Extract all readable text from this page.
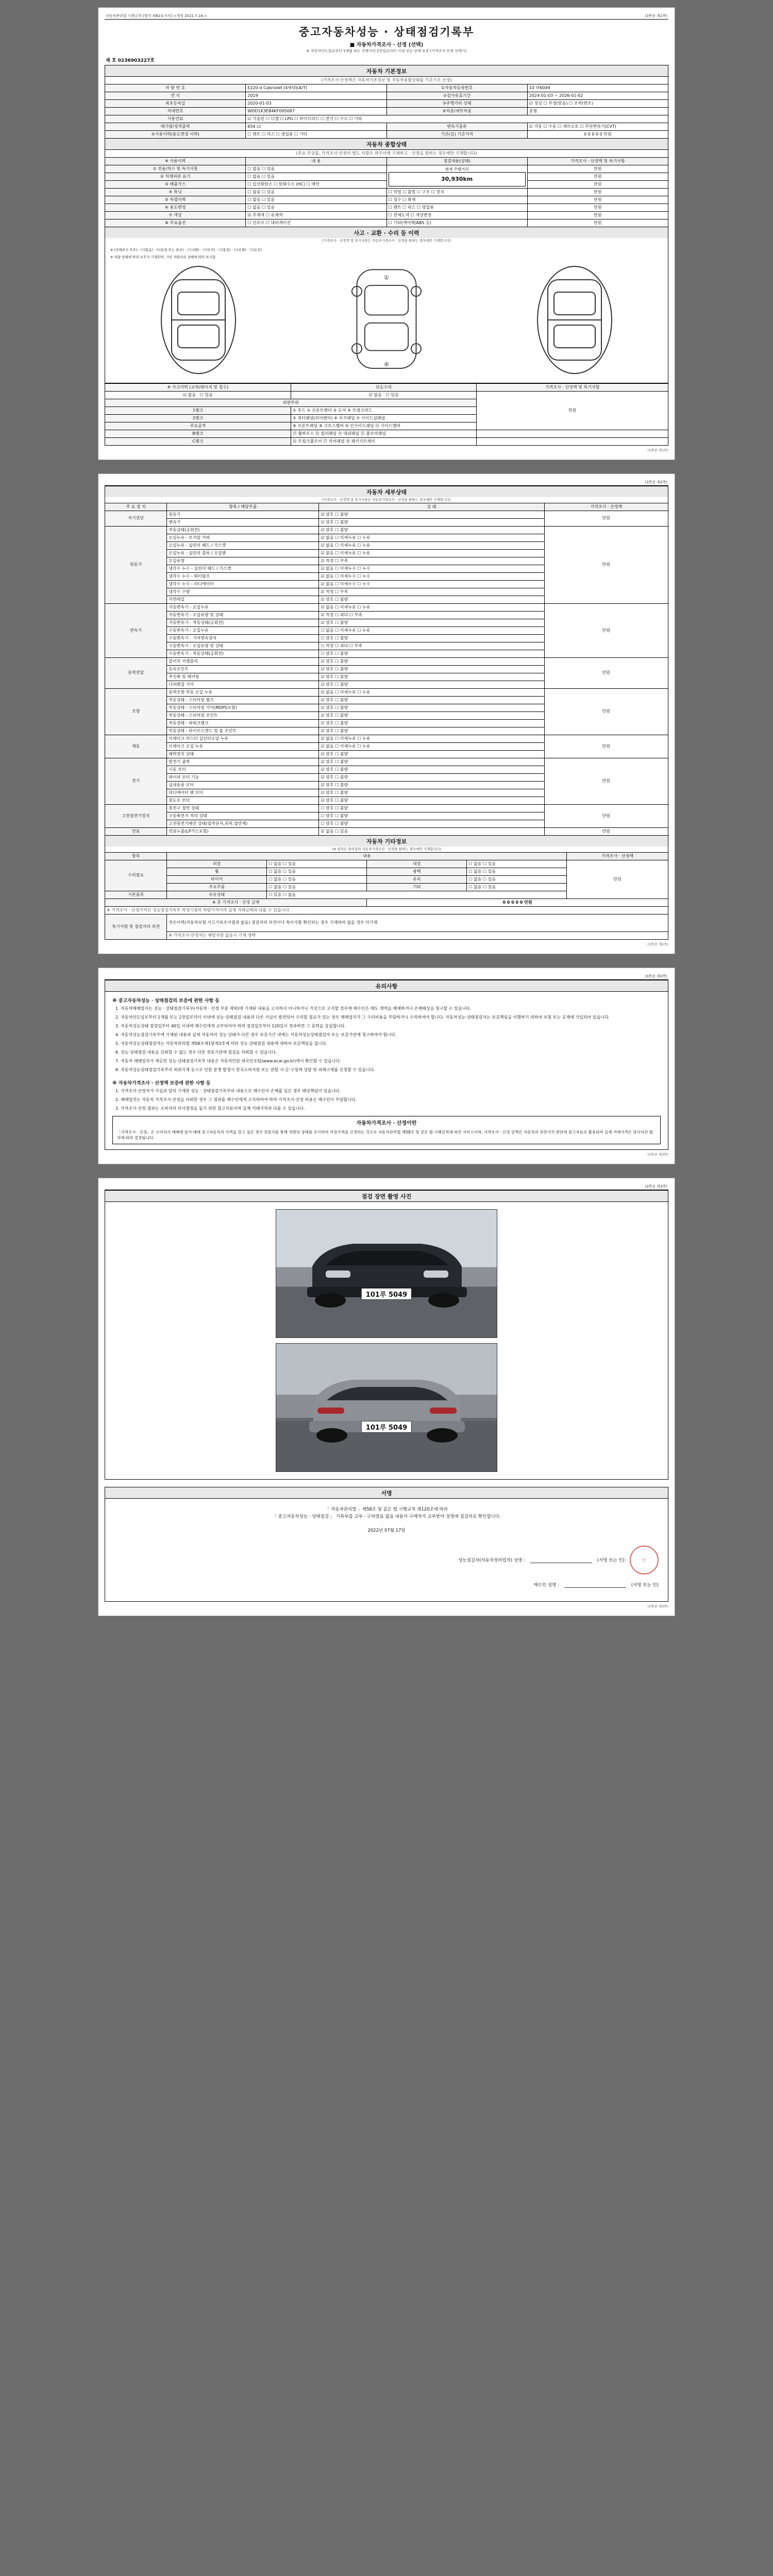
자동차관리법 시행규칙 [별지 제82호서식] <개정 2021.7.16.>	(3쪽중 제1쪽)
중고자동차성능 · 상태점검기록부
■ 자동차가격조사 · 산정 (선택)
※ 자동차인도일로부터 1개월 또는 주행거리 2천킬로미터 이내 성능·상태 보증 (가격조사·산정 선택시)
제 호 0236903227호
자동차 기본정보
(가격조사·산정액은 자동차기본정보 및 자동차종합상태를 기준으로 산정)			
차 량 번 호	E220-d Cabriolet (4세대)(A/T)	①자동차등록번호	10 머6049
연 식	2019	②검사유효기간	2024-01-03 ~ 2026-01-02
최초등록일	2020-01-03	③주행거리 상태	☑ 정상 ☐ 부정(맞음) ☐ 조작(변조)
차대번호	WDD1K3EB4KF095087	④차종/세부차종	중형
사용연료	☑ 가솔린 ☐ 디젤 ☐ LPG ☐ 하이브리드 ☐ 전기 ☐ 수소 ☐ 기타		
배기량/정격출력	654 cc	변속기종류	☑ 자동 ☐ 수동 ☐ 세미오토 ☐ 무단변속기(CVT)
⑤사용이력(용도변경 이력)	☐ 렌트 ☐ 리스 ☐ 영업용 ☐ 기타	기산(감) 기준가격	0 0 0 0 0 만원
자동차 종합상태
(주요 무상품, 가격조사·산정이 별도 사항은 좌우아래 기재하고 · 산정을 원하는 경우에만 기재합니다)			
※ 사용이력	내 용	점검내용(상태)	가격조사 · 산정액 및 특기사항
① 전용/차수 및 특기사항	☐ 없음 ☐ 있음	현재 주행거리
30,930km	만원
② 차체외관 표기	☐ 없음 ☐ 있음		만원
③ 배출가스	☐ 일산화탄소 ☐ 탄화수소 (HC) ☐ 매연		만원
④ 튜닝	☐ 없음 ☐ 있음	☐ 적법 ☐ 불법 ☐ 구조 ☐ 장치	만원
⑤ 특별이력	☐ 없음 ☐ 있음	☐ 침수 ☐ 화재	만원
⑥ 용도변경	☐ 없음 ☐ 있음	☐ 렌트 ☐ 리스 ☐ 영업용	만원
⑦ 색상	☑ 무채색 ☐ 유채색	☐ 전체도색 ☐ 색상변경	만원
⑧ 주요옵션	☐ 선루프 ☐ 내비게이션	☐ 기타(에어백/ABS 등)	만원
사고 · 교환 · 수리 등 이력
(가격조사 · 산정액 및 특기사항은 자동차가격조사 · 산정을 원하는 경우에만 기재합니다)
※ (상태표시 부호) : ⓧ(없음) · ⓦ(용접 또는 판금) · ⓒ(교환) · ⓐ(부식) · ⓧ(흠집) · ⓤ(요철) · ⓣ(손상)
※ 차량 상태에 따라 부호가 기재되며, 기타 차량자료 상태에 따라 표시함
①
④
※ 사고이력 (교차/레이저 및 침수)	단순수리	가격조사 · 산정액 및 특기사항
☑ 없음   ☐ 있음	☑ 없음   ☐ 있음	만원
외판부위		
1랭크	① 후드 ② 프론트팬더 ③ 도어 ④ 트렁크리드	
2랭크	⑤ 쿼터패널(리어팬더) ⑥ 루프패널 ⑦ 사이드실패널	
주요골격	⑧ 프론트패널 ⑨ 크로스멤버 ⑩ 인사이드패널 ⑪ 사이드멤버	
B랭크	⑫ 휠하우스 ⑬ 필러패널 ⑭ 대쉬패널 ⑮ 플로어패널	
C랭크	⑯ 트렁크플로어 ⑰ 리어패널 ⑱ 패키지트레이	
(3쪽중 제1쪽)
(3쪽중 제2쪽)
자동차 세부상태
(가격조사 · 산정액 및 특기사항은 자동차가격조사 · 산정을 원하는 경우에만 기재합니다)
주 요 장 치	항목 / 해당부품	상 태	가격조사 · 산정액
자기진단	원동기	☑ 양호 ☐ 불량	만원
	변속기	☑ 양호 ☐ 불량	
원동기	작동상태(공회전)	☑ 양호 ☐ 불량	만원
	오일누유 - 로커암 커버	☑ 없음 ☐ 미세누유 ☐ 누유	
	오일누유 - 실린더 헤드 / 가스켓	☑ 없음 ☐ 미세누유 ☐ 누유	
	오일누유 - 실린더 블록 / 오일팬	☑ 없음 ☐ 미세누유 ☐ 누유	
	오일유량	☑ 적정 ☐ 부족	
	냉각수 누수 - 실린더 헤드 / 가스켓	☑ 없음 ☐ 미세누수 ☐ 누수	
	냉각수 누수 - 워터펌프	☑ 없음 ☐ 미세누수 ☐ 누수	
	냉각수 누수 - 라디에이터	☑ 없음 ☐ 미세누수 ☐ 누수	
	냉각수 수량	☑ 적정 ☐ 부족	
	커먼레일	☑ 양호 ☐ 불량	
변속기	자동변속기 - 오일누유	☑ 없음 ☐ 미세누유 ☐ 누유	만원
	자동변속기 - 오일유량 및 상태	☑ 적정 ☐ 과다 ☐ 부족	
	자동변속기 - 작동상태(공회전)	☑ 양호 ☐ 불량	
	수동변속기 - 오일누유	☐ 없음 ☐ 미세누유 ☐ 누유	
	수동변속기 - 기어변속장치	☐ 양호 ☐ 불량	
	수동변속기 - 오일유량 및 상태	☐ 적정 ☐ 과다 ☐ 부족	
	수동변속기 - 작동상태(공회전)	☐ 양호 ☐ 불량	
동력전달	클러치 어셈블리	☑ 양호 ☐ 불량	만원
	등속조인트	☑ 양호 ☐ 불량	
	추진축 및 베어링	☑ 양호 ☐ 불량	
	디퍼렌셜 기어	☑ 양호 ☐ 불량	
조향	동력조향 작동 오일 누유	☑ 없음 ☐ 미세누유 ☐ 누유	만원
	작동상태 - 스티어링 펌프	☑ 양호 ☐ 불량	
	작동상태 - 스티어링 기어(MDPS포함)	☑ 양호 ☐ 불량	
	작동상태 - 스티어링 조인트	☑ 양호 ☐ 불량	
	작동상태 - 파워크랭크	☑ 양호 ☐ 불량	
	작동상태 - 타이로드엔드 및 볼 조인트	☑ 양호 ☐ 불량	
제동	브레이크 마스터 실린더오일 누유	☑ 없음 ☐ 미세누유 ☐ 누유	만원
	브레이크 오일 누유	☑ 없음 ☐ 미세누유 ☐ 누유	
	배력장치 상태	☑ 양호 ☐ 불량	
전기	발전기 출력	☑ 양호 ☐ 불량	만원
	시동 모터	☑ 양호 ☐ 불량	
	와이퍼 모터 기능	☑ 양호 ☐ 불량	
	실내송풍 모터	☑ 양호 ☐ 불량	
	라디에이터 팬 모터	☑ 양호 ☐ 불량	
	윈도우 모터	☑ 양호 ☐ 불량	
고전원전기장치	충전구 절연 상태	☐ 양호 ☐ 불량	만원
	구동축전지 격리 상태	☐ 양호 ☐ 불량	
	고전원전기배선 상태(접촉단자,피복,절연체)	☐ 양호 ☐ 불량	
연료	연료누출(LP가스포함)	☑ 없음 ☐ 있음	만원
자동차 기타정보
(※ 항목은 용어정리 자동차가격조사 · 산정을 원하는 경우에만 기재합니다)
항목	내용				가격조사 · 산정액
수리필요	외장	☐ 없음 ☐ 있음	내장	☐ 없음 ☐ 있음	만원
	휠	☐ 없음 ☐ 있음	광택	☐ 없음 ☐ 있음	
	타이어	☐ 없음 ☐ 있음	유리	☐ 없음 ☐ 있음	
	주요부품	☐ 없음 ☐ 있음	기타	☐ 없음 ☐ 있음	
기본품목	보유상태	☐ 있음 ☐ 없음			
※ 총 가격조사 · 산정 금액			0 0 0 0 0 만원		
※ 가격조사 · 산정가격은 성능점검기록부 작성시점의 차량가격이며 실제 거래금액과 다를 수 있습니다.					
특기사항 및 점검자의 의견	전손이력(자동차보험 사고기록조사결과 없음) 점검자의 의견이나 특이사항 확인되는 경우 기재하며 없을 경우 미기재				
	※ 가격조사·산정자는 해당사항 없음시 기재 생략				
(3쪽중 제2쪽)
(3쪽중 제3쪽)
유의사항
※ 중고자동차성능 · 상태점검의 보증에 관한 사항 등
1. 자동차매매업자는 성능 · 상태점검기록부(자동차 · 산정 부분 제외)에 기재된 내용을 고지하지 아니하거나 거짓으로 고지할 경우에 매수인은 매도 계약을 해제하거나 손해배상을 청구할 수 있습니다.
2. 자동차인도일로부터 1개월 또는 2천킬로미터 이내에 성능·상태점검 내용과 다른 사실이 발견되어 수리할 필요가 있는 경우 매매업자가 그 수리비용을 부담하거나 수리하여야 합니다. 자동차성능·상태점검자는 보증책임을 이행하기 위하여 보험 또는 공제에 가입되어 있습니다.
3. 자동차성능상태 점검일부터 40일 이내에 매수인에게 교부되어야 하며 점검일로부터 120일이 경과하면 그 효력을 상실합니다.
4. 자동차성능점검기록부에 기재된 내용과 실제 자동차의 성능·상태가 다른 경우 보증기간 내에는 자동차성능상태점검자 또는 보증기관에 청구하여야 합니다.
5. 자동차성능상태점검자는 자동차관리법 제58조제1항제3호에 따라 성능·상태점검 내용에 대하여 보증책임을 집니다.
6. 성능·상태점검 내용을 신뢰할 수 없는 경우 다른 전문기관에 점검을 의뢰할 수 있습니다.
7. 자동차 매매업자가 제공한 성능·상태점검기록부 내용은 자동차민원 대국민포털(www.ecar.go.kr)에서 확인할 수 있습니다.
8. 자동차성능상태점검기록부의 허위기재 등으로 인한 분쟁 발생시 한국소비자원 또는 관할 시·군·구청에 상담 및 피해구제를 신청할 수 있습니다.
※ 자동차가격조사 · 산정액 보증에 관한 사항 등
1. 가격조사·산정자가 사실과 달리 기재한 성능 · 상태점검기록부의 내용으로 매수인이 손해를 입은 경우 배상책임이 있습니다.
2. 매매업자는 자동차 가격조사·산정을 의뢰한 경우 그 결과를 매수인에게 고지하여야 하며 가격조사·산정 비용은 매수인이 부담합니다.
3. 가격조사·산정 결과는 소비자의 의사결정을 돕기 위한 참고자료이며 실제 거래가격과 다를 수 있습니다.
자동차가격조사 · 산정이란
「가격조사 · 산정」은 소비자가 매매에 앞서 매매 중고자동차의 가격을 알고 싶은 경우 전문가를 통해 차량의 상태를 조사하여 적정가격을 산정하는 것으로 자동차관리법 제58조 및 같은 법 시행규칙에 따른 서비스이며, 가격조사 · 산정 금액은 자동차의 잔존가치 판단에 참고자료로 활용되며 실제 거래가격은 당사자간 협의에 따라 결정됩니다.
(3쪽중 제3쪽)
(3쪽중 제3쪽)
점검 장면 촬영 사진
101루 5049
101루 5049
서명
「 자동차관리법 」제58조 및 같은 법 시행규칙 제120조에 따라
「 중고자동차성능 · 상태점검 」 기록부를 교부 · 구하였음 없음 내용이 구매자가 교부받아 성명에 점검자로 확인합니다.
2022년 07월 17일
성능점검자(자동차정비업자) 성명 :
	(서명 또는 인)	인
매수인 성명 :
	(서명 또는 인)
(3쪽중 제3쪽)
